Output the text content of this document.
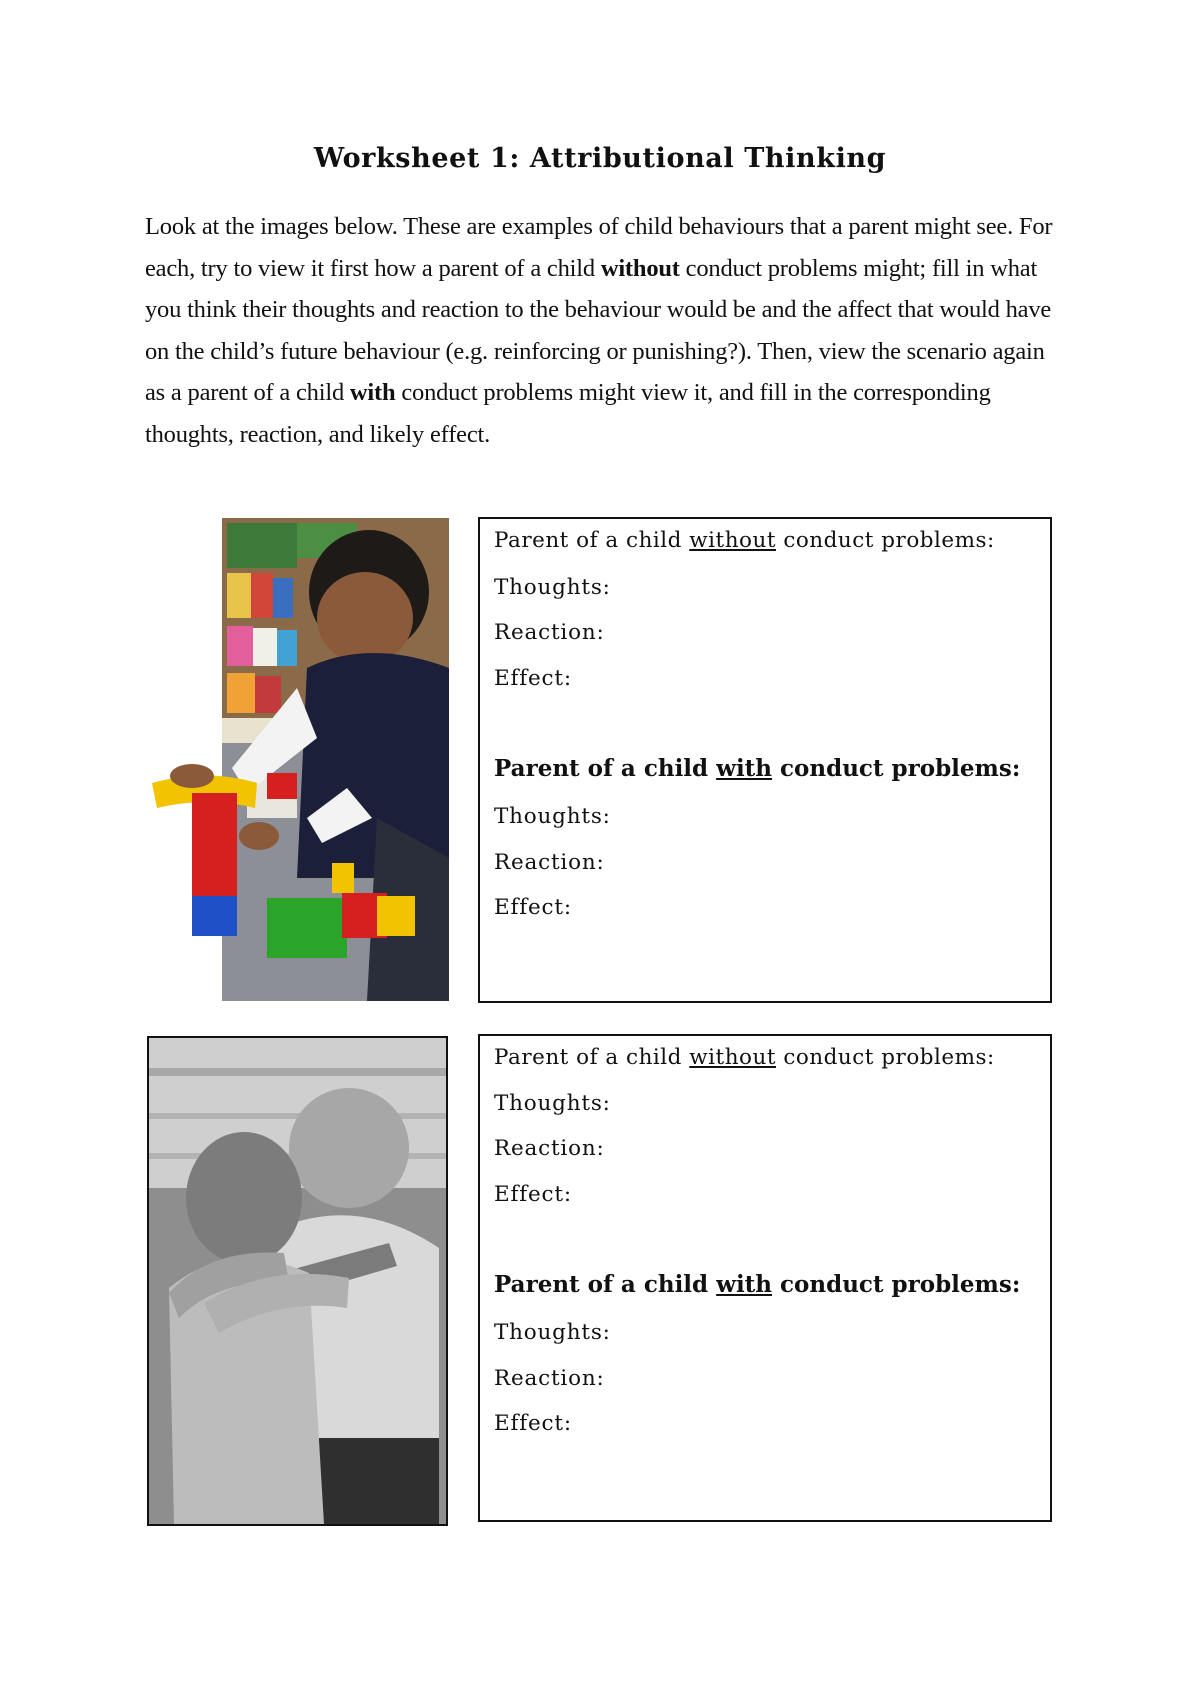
Worksheet 1: Attributional Thinking
Look at the images below. These are examples of child behaviours that a parent might see. For each, try to view it first how a parent of a child without conduct problems might; fill in what you think their thoughts and reaction to the behaviour would be and the affect that would have on the child’s future behaviour (e.g. reinforcing or punishing?). Then, view the scenario again as a parent of a child with conduct problems might view it, and fill in the corresponding thoughts, reaction, and likely effect.
Parent of a child without conduct problems:
Thoughts:
Reaction:
Effect:
Parent of a child with conduct problems:
Thoughts:
Reaction:
Effect:
Parent of a child without conduct problems:
Thoughts:
Reaction:
Effect:
Parent of a child with conduct problems:
Thoughts:
Reaction:
Effect:
